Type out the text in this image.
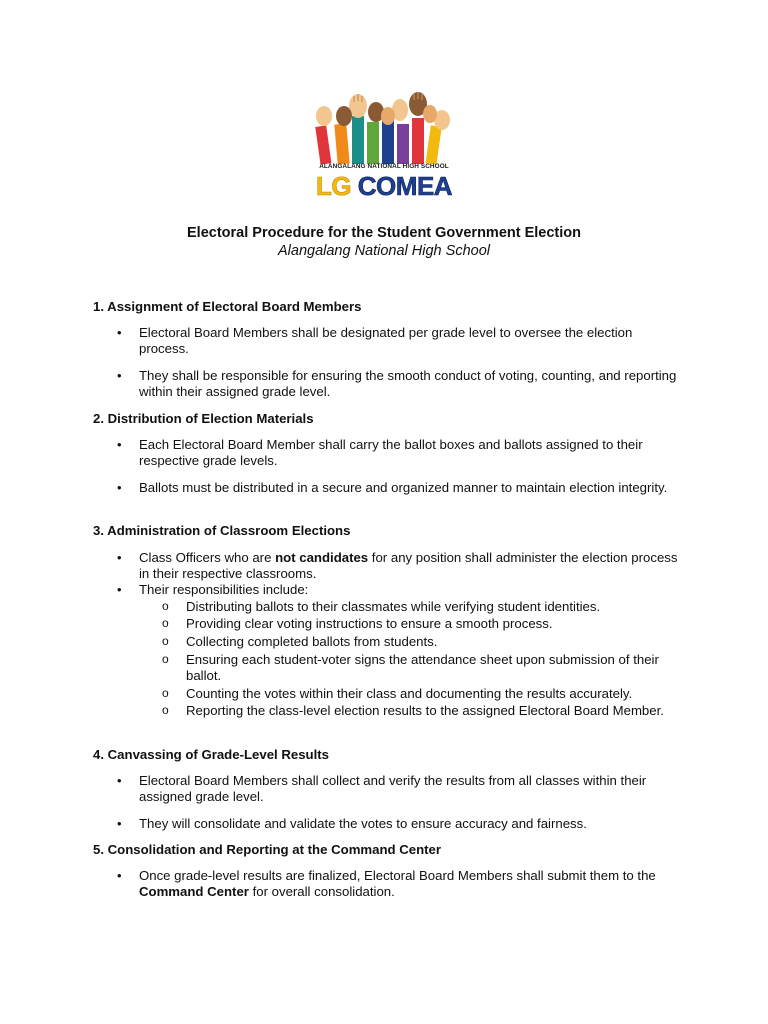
ALANGALANG NATIONAL HIGH SCHOOL
LG COMEA
Electoral Procedure for the Student Government Election
Alangalang National High School
1. Assignment of Electoral Board Members
• Electoral Board Members shall be designated per grade level to oversee the election process.
• They shall be responsible for ensuring the smooth conduct of voting, counting, and reporting within their assigned grade level.
2. Distribution of Election Materials
• Each Electoral Board Member shall carry the ballot boxes and ballots assigned to their respective grade levels.
• Ballots must be distributed in a secure and organized manner to maintain election integrity.
3. Administration of Classroom Elections
• Class Officers who are not candidates for any position shall administer the election process in their respective classrooms.
• Their responsibilities include:
o Distributing ballots to their classmates while verifying student identities.
o Providing clear voting instructions to ensure a smooth process.
o Collecting completed ballots from students.
o Ensuring each student-voter signs the attendance sheet upon submission of their ballot.
o Counting the votes within their class and documenting the results accurately.
o Reporting the class-level election results to the assigned Electoral Board Member.
4. Canvassing of Grade-Level Results
• Electoral Board Members shall collect and verify the results from all classes within their assigned grade level.
• They will consolidate and validate the votes to ensure accuracy and fairness.
5. Consolidation and Reporting at the Command Center
• Once grade-level results are finalized, Electoral Board Members shall submit them to the Command Center for overall consolidation.
